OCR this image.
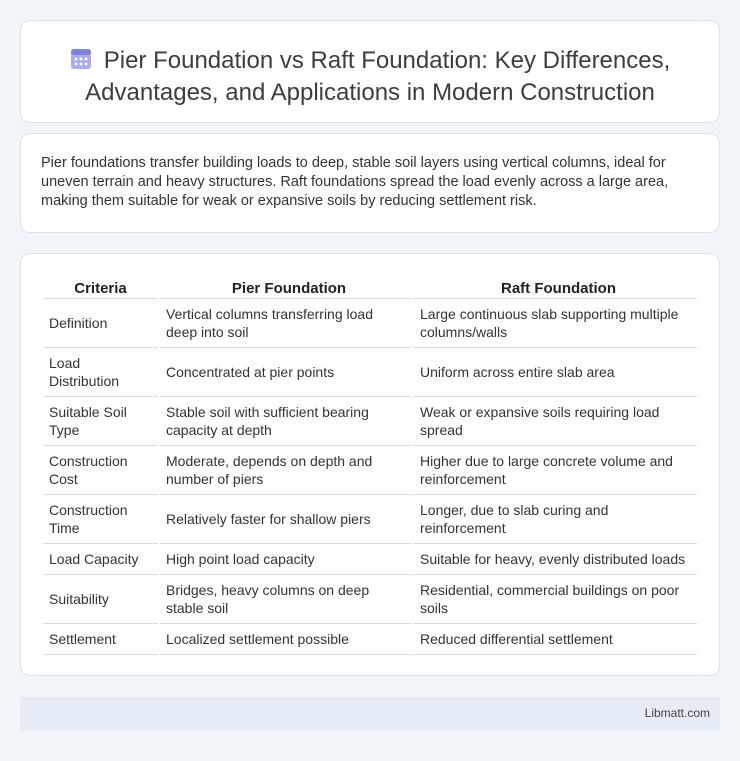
Pier Foundation vs Raft Foundation: Key Differences,
Advantages, and Applications in Modern Construction

Pier foundations transfer building loads to deep, stable soil layers using vertical columns, ideal for uneven terrain and heavy structures. Raft foundations spread the load evenly across a large area, making them suitable for weak or expansive soils by reducing settlement risk.

Criteria	Pier Foundation	Raft Foundation
Definition	Vertical columns transferring load deep into soil	Large continuous slab supporting multiple columns/walls
Load Distribution	Concentrated at pier points	Uniform across entire slab area
Suitable Soil Type	Stable soil with sufficient bearing capacity at depth	Weak or expansive soils requiring load spread
Construction Cost	Moderate, depends on depth and number of piers	Higher due to large concrete volume and reinforcement
Construction Time	Relatively faster for shallow piers	Longer, due to slab curing and reinforcement
Load Capacity	High point load capacity	Suitable for heavy, evenly distributed loads
Suitability	Bridges, heavy columns on deep stable soil	Residential, commercial buildings on poor soils
Settlement	Localized settlement possible	Reduced differential settlement
Libmatt.com
